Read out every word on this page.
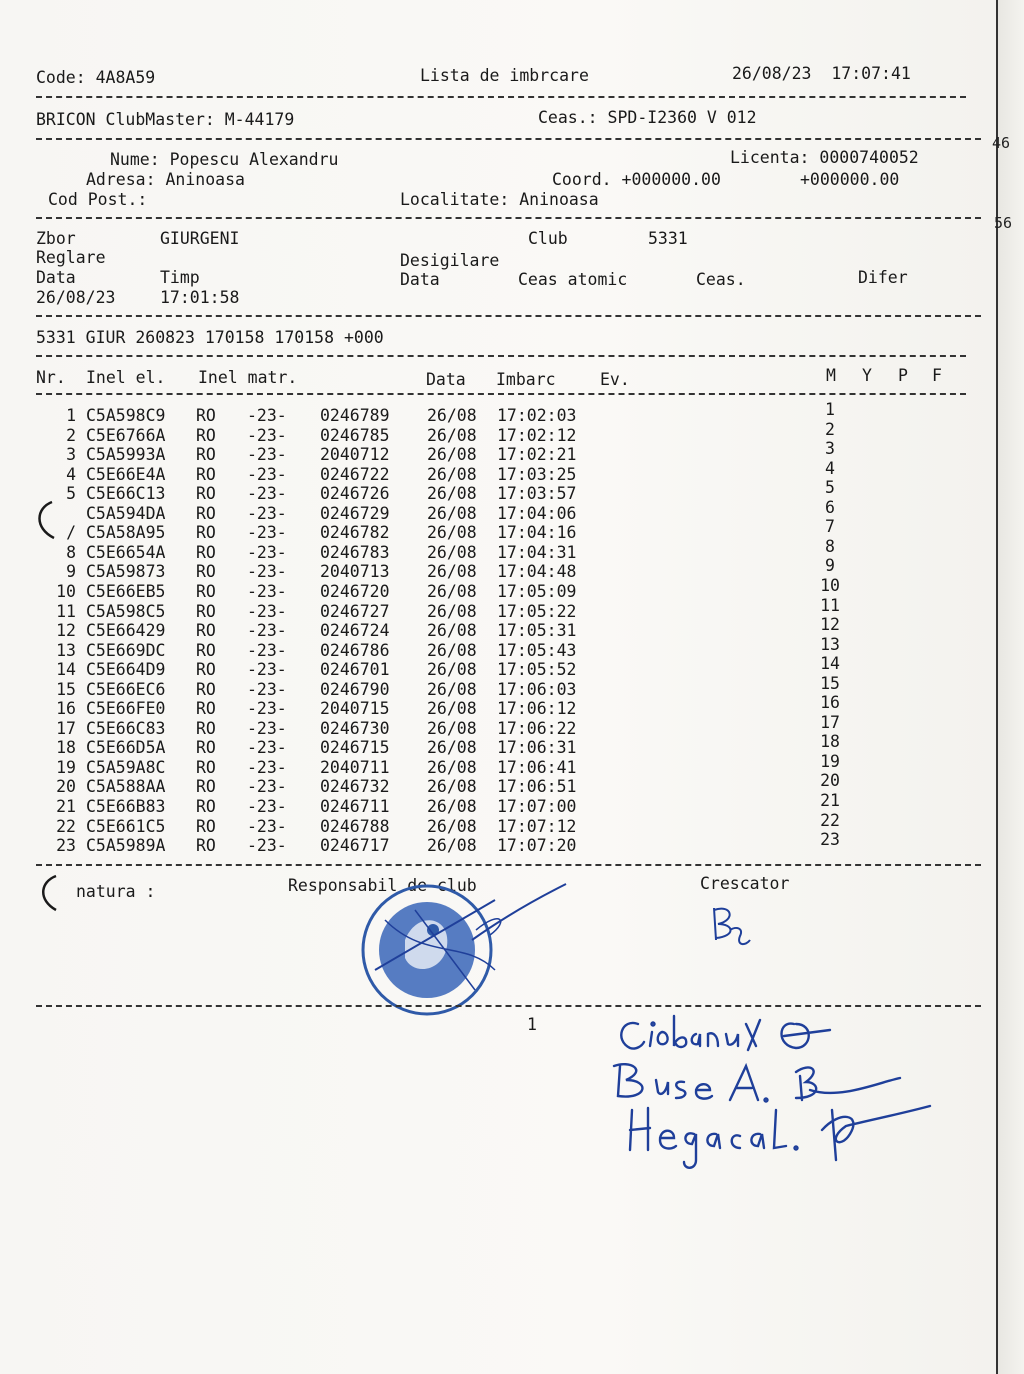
Code: 4A8A59	Lista de imbrcare	26/08/23  17:07:41
BRICON ClubMaster: M-44179	Ceas.: SPD-I2360 V 012
Nume: Popescu Alexandru	Licenta: 0000740052
Adresa: Aninoasa	Coord. +000000.00	+000000.00
Cod Post.:	Localitate: Aninoasa
Zbor	GIURGENI	Club	5331
Reglare	Desigilare
Data	Timp	Data	Ceas atomic	Ceas.	Difer
26/08/23	17:01:58
5331 GIUR 260823 170158 170158 +000
Nr. Inel el. Inel matr.	Data Imbarc	Ev.	M Y P F
1 C5A598C9 RO -23- 0246789 26/08 17:02:03	1
2 C5E6766A RO -23- 0246785 26/08 17:02:12	2
3 C5A5993A RO -23- 2040712 26/08 17:02:21	3
4 C5E66E4A RO -23- 0246722 26/08 17:03:25	4
5 C5E66C13 RO -23- 0246726 26/08 17:03:57	5
C5A594DA RO -23- 0246729 26/08 17:04:06	6
/ C5A58A95 RO -23- 0246782 26/08 17:04:16	7
8 C5E6654A RO -23- 0246783 26/08 17:04:31	8
9 C5A59873 RO -23- 2040713 26/08 17:04:48	9
10 C5E66EB5 RO -23- 0246720 26/08 17:05:09	10
11 C5A598C5 RO -23- 0246727 26/08 17:05:22	11
12 C5E66429 RO -23- 0246724 26/08 17:05:31	12
13 C5E669DC RO -23- 0246786 26/08 17:05:43	13
14 C5E664D9 RO -23- 0246701 26/08 17:05:52	14
15 C5E66EC6 RO -23- 0246790 26/08 17:06:03	15
16 C5E66FE0 RO -23- 2040715 26/08 17:06:12	16
17 C5E66C83 RO -23- 0246730 26/08 17:06:22	17
18 C5E66D5A RO -23- 0246715 26/08 17:06:31	18
19 C5A59A8C RO -23- 2040711 26/08 17:06:41	19
20 C5A588AA RO -23- 0246732 26/08 17:06:51	20
21 C5E66B83 RO -23- 0246711 26/08 17:07:00	21
22 C5E661C5 RO -23- 0246788 26/08 17:07:12	22
23 C5A5989A RO -23- 0246717 26/08 17:07:20	23
natura :	Responsabil de club	Crescator
1
46
56
